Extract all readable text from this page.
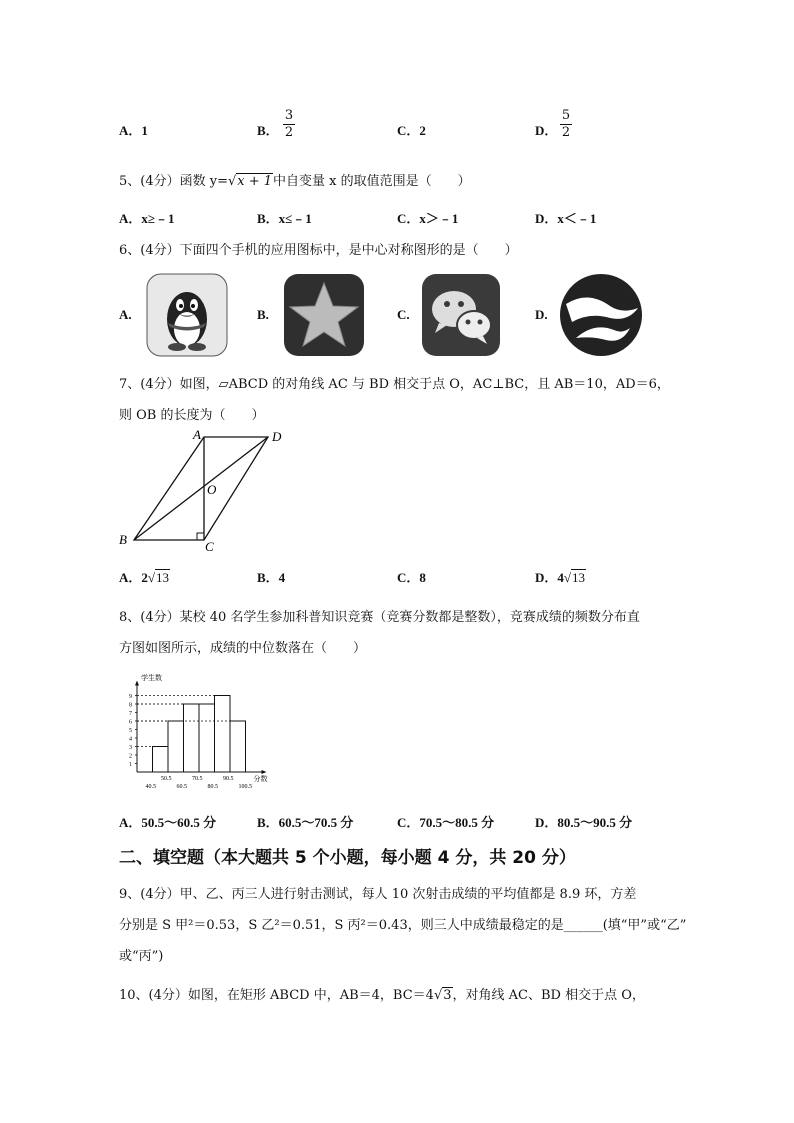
A．1	B． $\frac{3}{2}$	C．2	D． $\frac{5}{2}$
5、(4分）函数 y=√x + 1中自变量 x 的取值范围是（　　）
A．x≥﹣1	B．x≤﹣1	C．x＞﹣1	D．x＜﹣1
6、(4分）下面四个手机的应用图标中，是中心对称图形的是（　　）
A.	B.	C.	D.
7、(4分）如图，▱ABCD 的对角线 AC 与 BD 相交于点 O，AC⊥BC，且 AB＝10，AD＝6，
则 OB 的长度为（　　）
A	D
O
B	C
A．2√13	B．4	C．8	D．4√13
8、(4分）某校 40 名学生参加科普知识竞赛（竞赛分数都是整数），竞赛成绩的频数分布直
方图如图所示，成绩的中位数落在（　　）
学生数
1
2
3
4
5
6
7
8
9
40.5
50.5
60.5
70.5
80.5
90.5
100.5
分数
A．50.5～60.5 分	B．60.5～70.5 分	C．70.5～80.5 分	D．80.5～90.5 分
二、填空题（本大题共 5 个小题，每小题 4 分，共 20 分）
9、(4分）甲、乙、丙三人进行射击测试，每人 10 次射击成绩的平均值都是 8.9 环，方差
分别是 S 甲²＝0.53，S 乙²＝0.51，S 丙²＝0.43，则三人中成绩最稳定的是______(填“甲”或“乙”
或“丙”)
10、(4分）如图，在矩形 ABCD 中，AB＝4，BC＝4√3，对角线 AC、BD 相交于点 O，
